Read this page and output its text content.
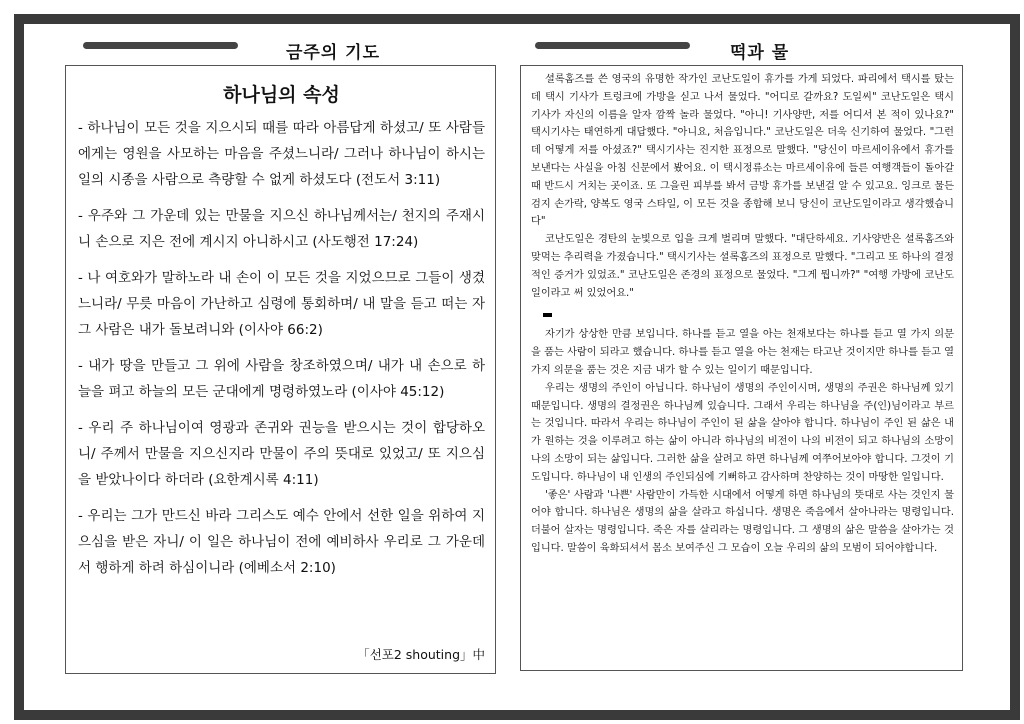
금주의 기도	떡과 물
하나님의 속성

- 하나님이 모든 것을 지으시되 때를 따라 아름답게 하셨고/ 또 사람들에게는 영원을 사모하는 마음을 주셨느니라/ 그러나 하나님이 하시는 일의 시종을 사람으로 측량할 수 없게 하셨도다 (전도서 3:11)

- 우주와 그 가운데 있는 만물을 지으신 하나님께서는/ 천지의 주재시니 손으로 지은 전에 계시지 아니하시고 (사도행전 17:24)

- 나 여호와가 말하노라 내 손이 이 모든 것을 지었으므로 그들이 생겼느니라/ 무릇 마음이 가난하고 심령에 통회하며/ 내 말을 듣고 떠는 자 그 사람은 내가 돌보려니와 (이사야 66:2)

- 내가 땅을 만들고 그 위에 사람을 창조하였으며/ 내가 내 손으로 하늘을 펴고 하늘의 모든 군대에게 명령하였노라 (이사야 45:12)

- 우리 주 하나님이여 영광과 존귀와 권능을 받으시는 것이 합당하오니/ 주께서 만물을 지으신지라 만물이 주의 뜻대로 있었고/ 또 지으심을 받았나이다 하더라 (요한계시록 4:11)

- 우리는 그가 만드신 바라 그리스도 예수 안에서 선한 일을 위하여 지으심을 받은 자니/ 이 일은 하나님이 전에 예비하사 우리로 그 가운데서 행하게 하려 하심이니라 (에베소서 2:10)

「선포2 shouting」中

셜록홈즈를 쓴 영국의 유명한 작가인 코난도일이 휴가를 가게 되었다. 파리에서 택시를 탔는데 택시 기사가 트렁크에 가방을 싣고 나서 물었다. "어디로 갈까요? 도일씨" 코난도일은 택시 기사가 자신의 이름을 알자 깜짝 놀라 물었다. "아니! 기사양반, 저를 어디서 본 적이 있나요?" 택시기사는 태연하게 대답했다. "아니요, 처음입니다." 코난도일은 더욱 신기하여 물었다. "그런데 어떻게 저를 아셨죠?" 택시기사는 진지한 표정으로 말했다. "당신이 마르세이유에서 휴가를 보낸다는 사실을 아침 신문에서 봤어요. 이 택시정류소는 마르세이유에 들른 여행객들이 돌아갈 때 반드시 거치는 곳이죠. 또 그을린 피부를 봐서 금방 휴가를 보낸걸 알 수 있고요. 잉크로 물든 검지 손가락, 양복도 영국 스타일, 이 모든 것을 종합해 보니 당신이 코난도일이라고 생각했습니다"

코난도일은 경탄의 눈빛으로 입을 크게 벌리며 말했다. "대단하세요. 기사양반은 셜록홈즈와 맞먹는 추리력을 가졌습니다." 택시기사는 셜록홈즈의 표정으로 말했다. "그리고 또 하나의 결정적인 증거가 있었죠." 코난도일은 존경의 표정으로 물었다. "그게 뭡니까?" "여행 가방에 코난도일이라고 써 있었어요."

자기가 상상한 만큼 보입니다. 하나를 듣고 열을 아는 천재보다는 하나를 듣고 열 가지 의문을 품는 사람이 되라고 했습니다. 하나를 듣고 열을 아는 천재는 타고난 것이지만 하나를 듣고 열 가지 의문을 품는 것은 지금 내가 할 수 있는 일이기 때문입니다.

우리는 생명의 주인이 아닙니다. 하나님이 생명의 주인이시며, 생명의 주권은 하나님께 있기 때문입니다. 생명의 결정권은 하나님께 있습니다. 그래서 우리는 하나님을 주(인)님이라고 부르는 것입니다. 따라서 우리는 하나님이 주인이 된 삶을 살아야 합니다. 하나님이 주인 된 삶은 내가 원하는 것을 이루려고 하는 삶이 아니라 하나님의 비전이 나의 비전이 되고 하나님의 소망이 나의 소망이 되는 삶입니다. 그러한 삶을 살려고 하면 하나님께 여쭈어보아야 합니다. 그것이 기도입니다. 하나님이 내 인생의 주인되심에 기뻐하고 감사하며 찬양하는 것이 마땅한 일입니다.

'좋은' 사람과 '나쁜' 사람만이 가득한 시대에서 어떻게 하면 하나님의 뜻대로 사는 것인지 물어야 합니다. 하나님은 생명의 삶을 살라고 하십니다. 생명은 죽음에서 살아나라는 명령입니다. 더불어 살자는 명령입니다. 죽은 자를 살리라는 명령입니다. 그 생명의 삶은 말씀을 살아가는 것입니다. 말씀이 육화되셔서 몸소 보여주신 그 모습이 오늘 우리의 삶의 모범이 되어야합니다.
